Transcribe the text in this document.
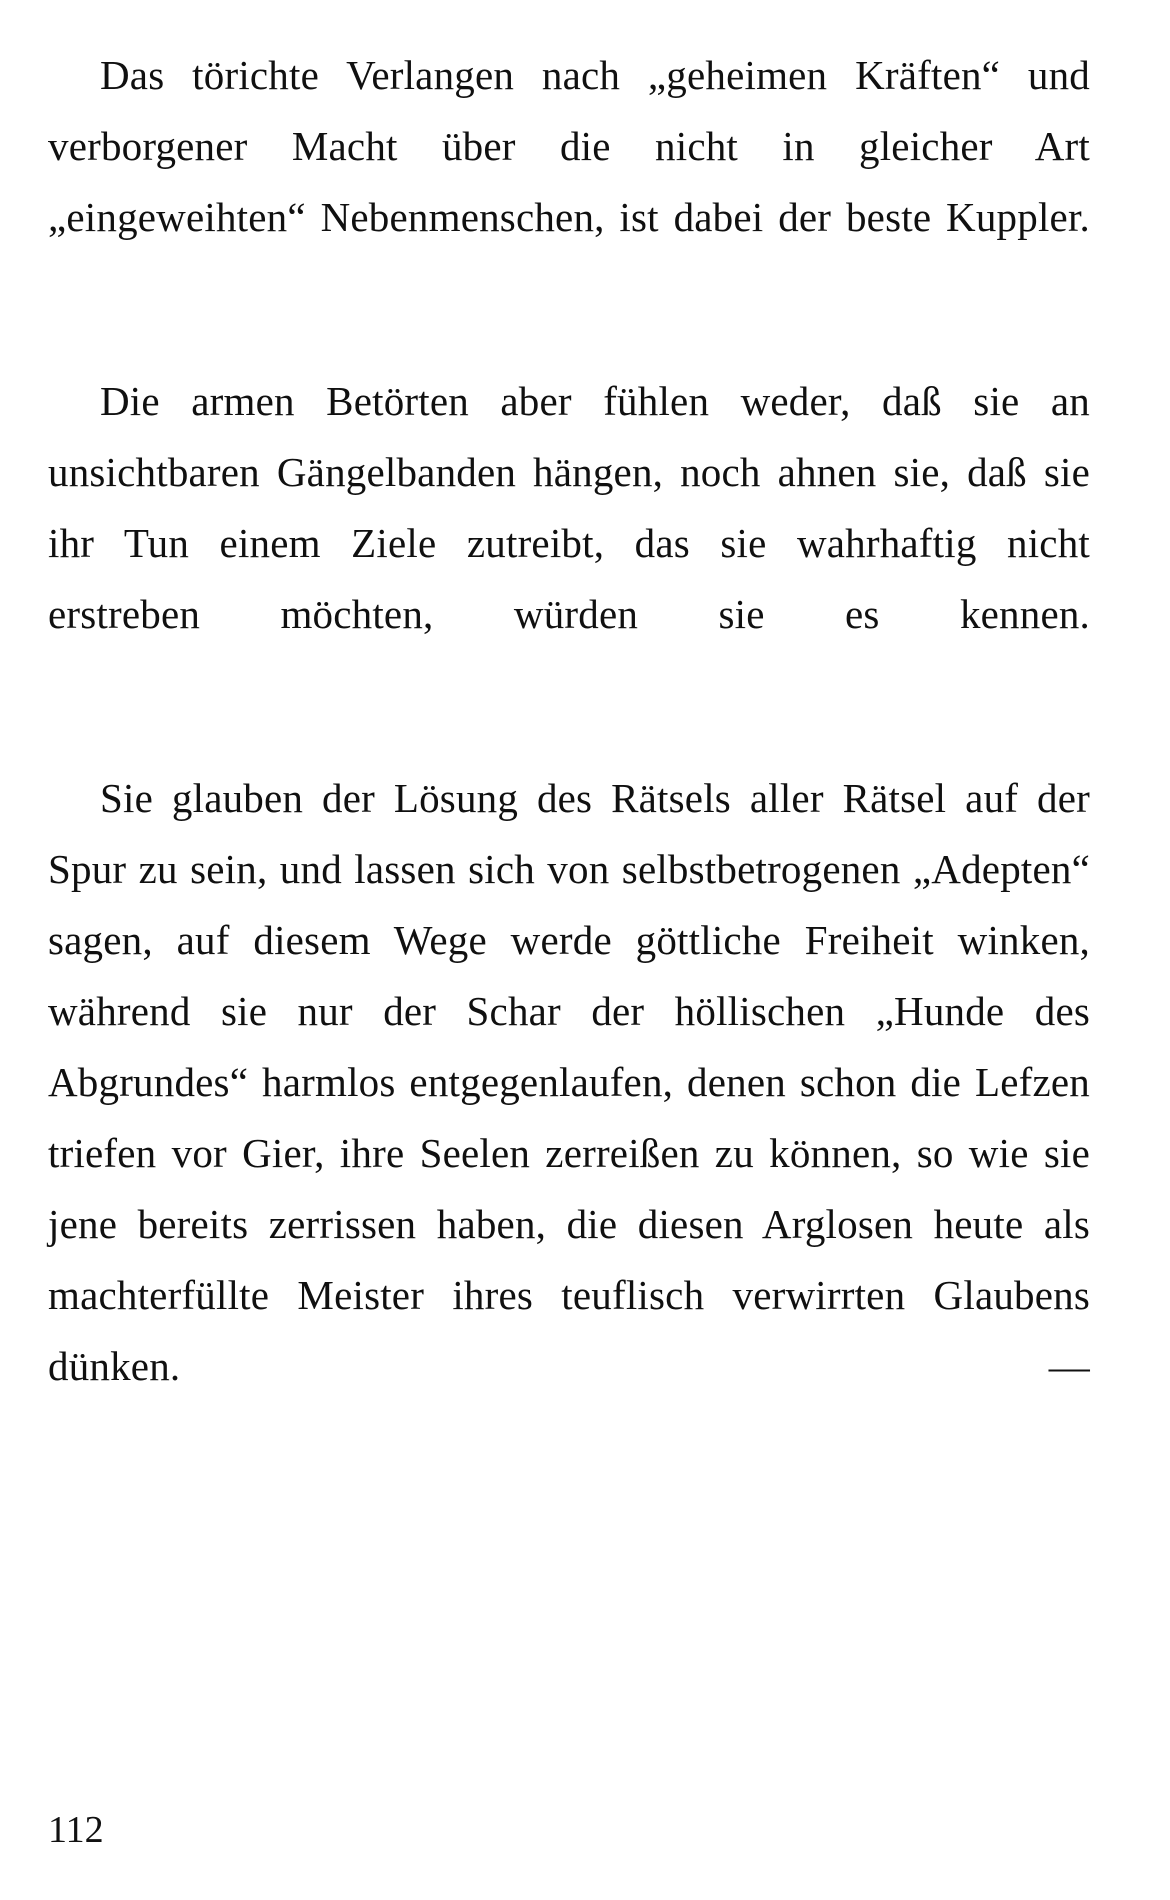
Das törichte Verlangen nach „geheimen Kräften“ und verborgener Macht über die nicht in gleicher Art „eingeweihten“ Nebenmenschen, ist dabei der beste Kuppler.

Die armen Betörten aber fühlen weder, daß sie an unsichtbaren Gängelbanden hängen, noch ahnen sie, daß sie ihr Tun einem Ziele zutreibt, das sie wahrhaftig nicht erstreben möchten, würden sie es kennen.

Sie glauben der Lösung des Rätsels aller Rätsel auf der Spur zu sein, und lassen sich von selbstbetrogenen „Adepten“ sagen, auf diesem Wege werde göttliche Freiheit winken, während sie nur der Schar der höllischen „Hunde des Abgrundes“ harmlos entgegenlaufen, denen schon die Lefzen triefen vor Gier, ihre Seelen zerreißen zu können, so wie sie jene bereits zerrissen haben, die diesen Arglosen heute als machterfüllte Meister ihres teuflisch verwirrten Glaubens dünken. —

112
